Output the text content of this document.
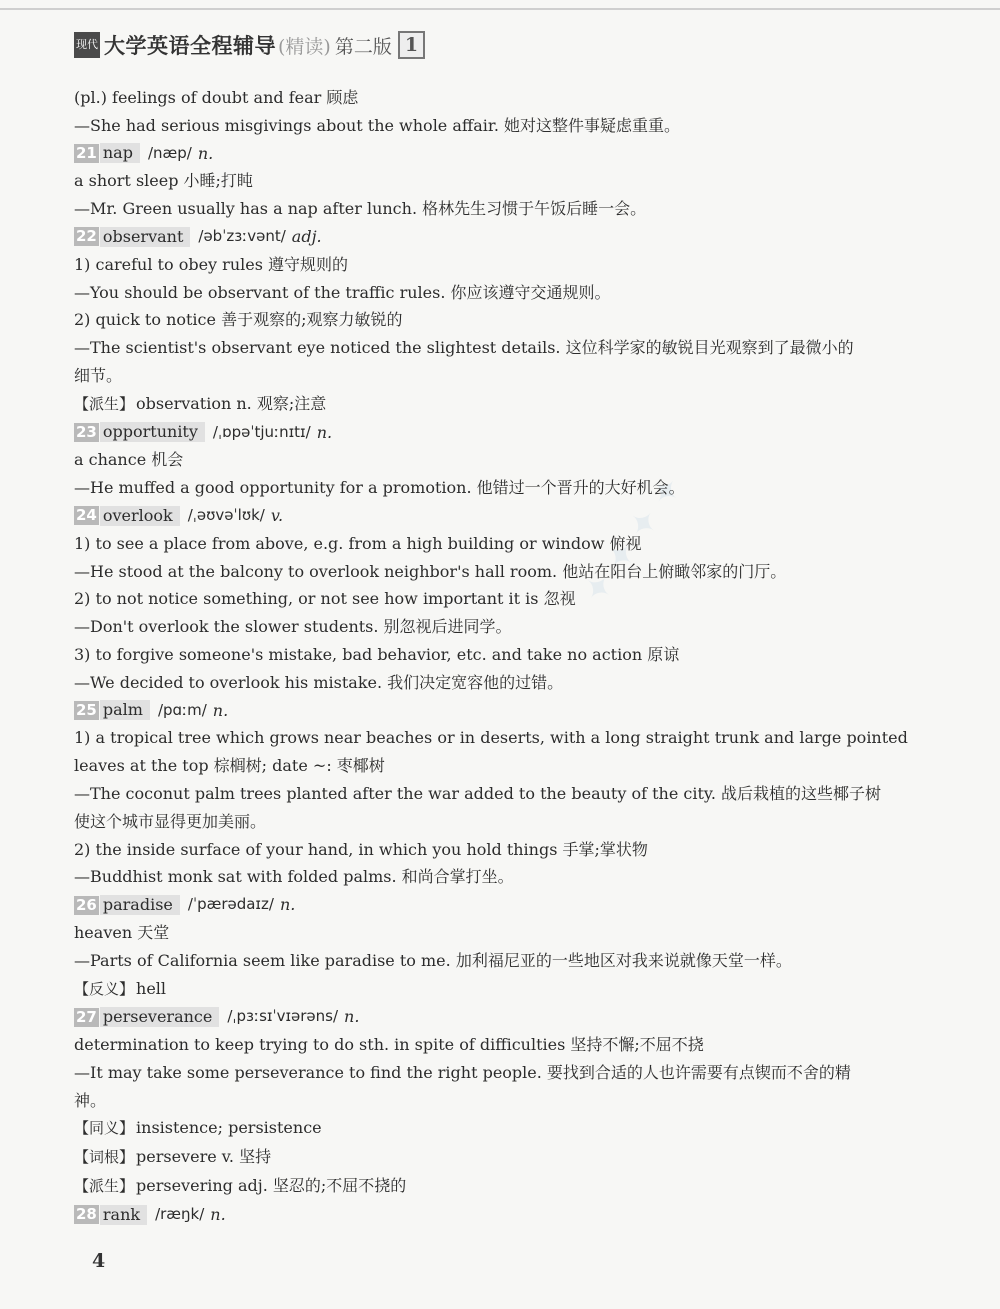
现代 大学英语全程辅导 (精读) 第二版 1
✦ ✦ ✦ ✦
(pl.) feelings of doubt and fear 顾虑
—She had serious misgivings about the whole affair. 她对这整件事疑虑重重。
21 nap	/næp/ n.
a short sleep 小睡;打盹
—Mr. Green usually has a nap after lunch. 格林先生习惯于午饭后睡一会。
22 observant	/əbˈzɜːvənt/ adj.
1) careful to obey rules 遵守规则的
—You should be observant of the traffic rules. 你应该遵守交通规则。
2) quick to notice 善于观察的;观察力敏锐的
—The scientist's observant eye noticed the slightest details. 这位科学家的敏锐目光观察到了最微小的
细节。
【派生】 observation n. 观察;注意
23 opportunity	/ˌɒpəˈtjuːnɪtɪ/ n.
a chance 机会
—He muffed a good opportunity for a promotion. 他错过一个晋升的大好机会。
24 overlook	/ˌəʊvəˈlʊk/ v.
1) to see a place from above, e.g. from a high building or window 俯视
—He stood at the balcony to overlook neighbor's hall room. 他站在阳台上俯瞰邻家的门厅。
2) to not notice something, or not see how important it is 忽视
—Don't overlook the slower students. 别忽视后进同学。
3) to forgive someone's mistake, bad behavior, etc. and take no action 原谅
—We decided to overlook his mistake. 我们决定宽容他的过错。
25 palm	/pɑːm/ n.
1) a tropical tree which grows near beaches or in deserts, with a long straight trunk and large pointed
leaves at the top 棕榈树; date ~: 枣椰树
—The coconut palm trees planted after the war added to the beauty of the city. 战后栽植的这些椰子树
使这个城市显得更加美丽。
2) the inside surface of your hand, in which you hold things 手掌;掌状物
—Buddhist monk sat with folded palms. 和尚合掌打坐。
26 paradise	/ˈpærədaɪz/ n.
heaven 天堂
—Parts of California seem like paradise to me. 加利福尼亚的一些地区对我来说就像天堂一样。
【反义】 hell
27 perseverance	/ˌpɜːsɪˈvɪərəns/ n.
determination to keep trying to do sth. in spite of difficulties 坚持不懈;不屈不挠
—It may take some perseverance to find the right people. 要找到合适的人也许需要有点锲而不舍的精
神。
【同义】 insistence; persistence
【词根】 persevere v. 坚持
【派生】 persevering adj. 坚忍的;不屈不挠的
28 rank	/ræŋk/ n.
4
